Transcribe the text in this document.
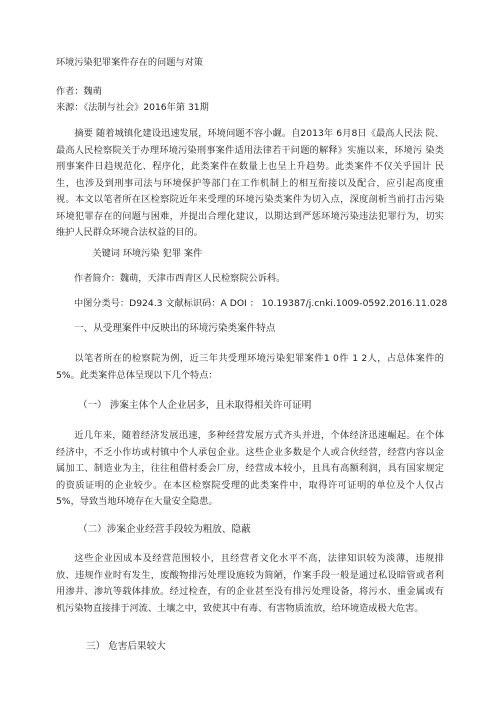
环境污染犯罪案件存在的问题与对策
作者：魏萌
来源：《法制与社会》2016年第 31期
摘要 随着城镇化建设迅速发展，环境问题不容小觑。自2013年 6月8日《最高人民法 院、最高人民检察院关于办理环境污染刑事案件适用法律若干问题的解释》实施以来，环境污 染类刑事案件日趋规范化、程序化，此类案件在数量上也呈上升趋势。此类案件不仅关乎国计 民生，也涉及到刑事司法与环境保护等部门在工作机制上的相互衔接以及配合，应引起高度重 视。本文以笔者所在区检察院近年来受理的环境污染类案件为切入点，深度剖析当前打击污染 环境犯罪存在的问题与困难，并提出合理化建议，以期达到严惩环境污染违法犯罪行为，切实 维护人民群众环境合法权益的目的。
关键词 环境污染 犯罪 案件
作者简介：魏萌，天津市西青区人民检察院公诉科。
中图分类号：D924.3 文献标识码：A DOI ： 10.19387/j.cnki.1009-0592.2016.11.028
一、从受理案件中反映出的环境污染类案件特点
以笔者所在的检察院为例，近三年共受理环境污染犯罪案件1 0件 1 2人，占总体案件的 5%。此类案件总体呈现以下几个特点：
（一） 涉案主体个人企业居多，且未取得相关许可证明
近几年来，随着经济发展迅速，多种经营发展方式齐头并进，个体经济迅速崛起。在个体 经济中，不乏小作坊或村镇中个人承包企业。这些企业多数是个人或合伙经营，经营内容以金 属加工、制造业为主，往往租借村委会厂房，经营成本较小，且具有高额利润，具有国家规定 的资质证明的企业较少。在本区检察院受理的此类案件中，取得许可证明的单位及个人仅占 5%，导致当地环境存在大量安全隐患。
（二）涉案企业经营手段较为粗放、隐蔽
这些企业因成本及经营范围较小，且经营者文化水平不高，法律知识较为淡薄，违规排 放、违规作业时有发生，废酸物排污处理设施较为简陋，作案手段一般是通过私设暗管或者利 用渗井、渗坑等载体排放。经过检查，有的企业甚至没有排污处理设备，将污水、重金属或有 机污染物直接排于河流、土壤之中，致使其中有毒、有害物质流放，给环境造成极大危害。
三） 危害后果较大
